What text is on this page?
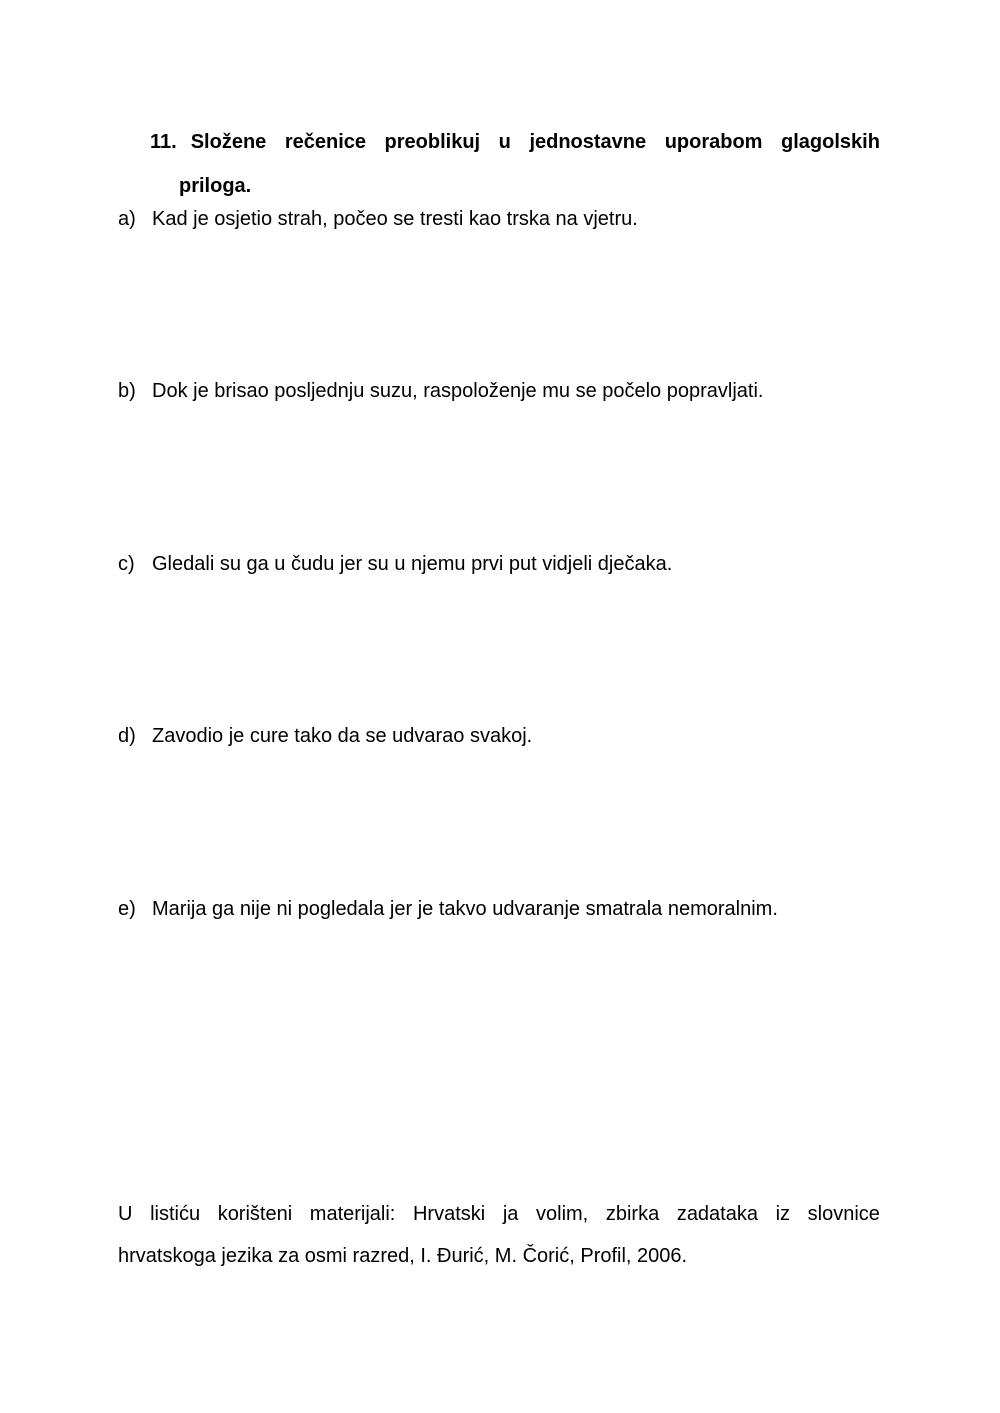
11. Složene rečenice preoblikuj u jednostavne uporabom glagolskih
priloga.
a) Kad je osjetio strah, počeo se tresti kao trska na vjetru.
b) Dok je brisao posljednju suzu, raspoloženje mu se počelo popravljati.
c) Gledali su ga u čudu jer su u njemu prvi put vidjeli dječaka.
d) Zavodio je cure tako da se udvarao svakoj.
e) Marija ga nije ni pogledala jer je takvo udvaranje smatrala nemoralnim.
U listiću korišteni materijali: Hrvatski ja volim, zbirka zadataka iz slovnice
hrvatskoga jezika za osmi razred, I. Đurić, M. Čorić, Profil, 2006.
